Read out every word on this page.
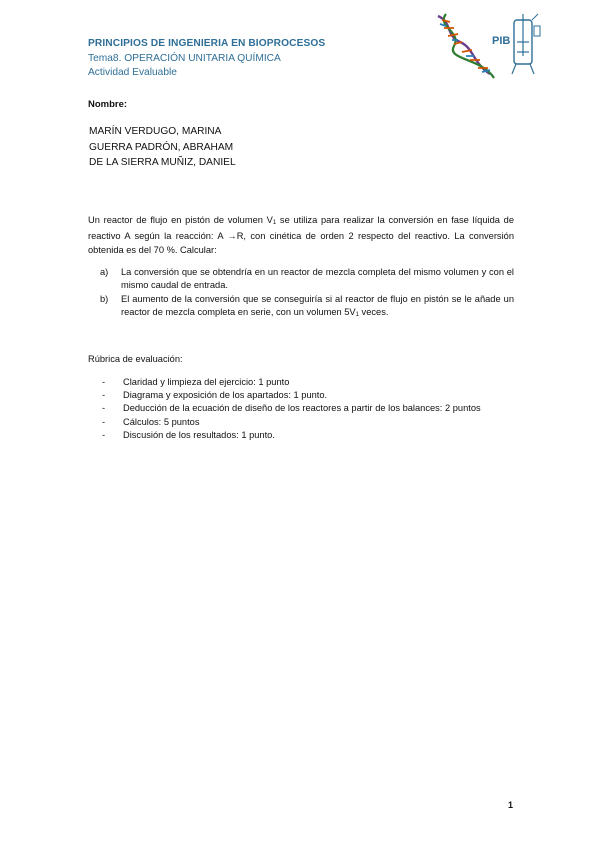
PRINCIPIOS DE INGENIERIA EN BIOPROCESOS
Tema8. OPERACIÓN UNITARIA QUÍMICA
Actividad Evaluable
PIB
Nombre:
MARÍN VERDUGO, MARINA
GUERRA PADRÓN, ABRAHAM
DE LA SIERRA MUÑIZ, DANIEL
Un reactor de flujo en pistón de volumen V1 se utiliza para realizar la conversión en fase líquida de reactivo A según la reacción: A →R, con cinética de orden 2 respecto del reactivo. La conversión obtenida es del 70 %. Calcular:
a)	La conversión que se obtendría en un reactor de mezcla completa del mismo volumen y con el mismo caudal de entrada.
b)	El aumento de la conversión que se conseguiría si al reactor de flujo en pistón se le añade un reactor de mezcla completa en serie, con un volumen 5V1 veces.
Rúbrica de evaluación:
-	Claridad y limpieza del ejercicio: 1 punto
-	Diagrama y exposición de los apartados: 1 punto.
-	Deducción de la ecuación de diseño de los reactores a partir de los balances: 2 puntos
-	Cálculos: 5 puntos
-	Discusión de los resultados: 1 punto.
1
